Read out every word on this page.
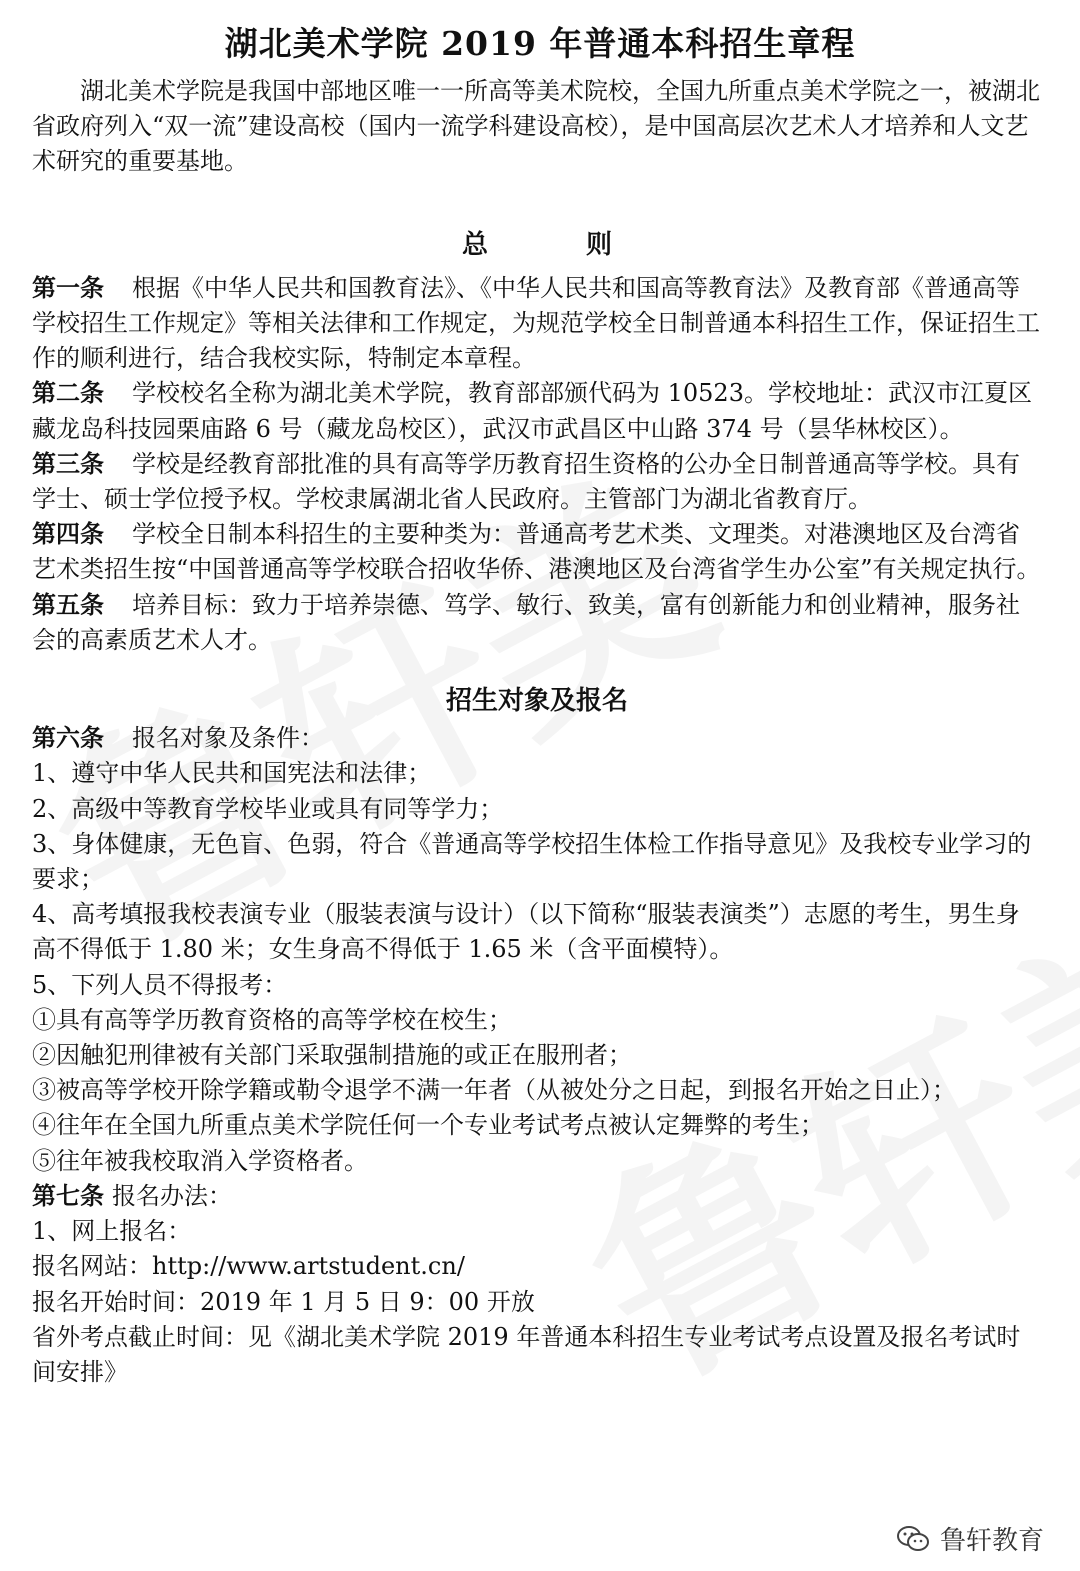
湖北美术学院 2019 年普通本科招生章程

湖北美术学院是我国中部地区唯一一所高等美术院校，全国九所重点美术学院之一，被湖北省政府列入“双一流”建设高校（国内一流学科建设高校），是中国高层次艺术人才培养和人文艺术研究的重要基地。

总　则

第一条 根据《中华人民共和国教育法》、《中华人民共和国高等教育法》及教育部《普通高等学校招生工作规定》等相关法律和工作规定，为规范学校全日制普通本科招生工作，保证招生工作的顺利进行，结合我校实际，特制定本章程。

第二条 学校校名全称为湖北美术学院，教育部部颁代码为 10523。学校地址：武汉市江夏区藏龙岛科技园栗庙路 6 号（藏龙岛校区），武汉市武昌区中山路 374 号（昙华林校区）。

第三条 学校是经教育部批准的具有高等学历教育招生资格的公办全日制普通高等学校。具有学士、硕士学位授予权。学校隶属湖北省人民政府。主管部门为湖北省教育厅。

第四条 学校全日制本科招生的主要种类为：普通高考艺术类、文理类。对港澳地区及台湾省艺术类招生按“中国普通高等学校联合招收华侨、港澳地区及台湾省学生办公室”有关规定执行。

第五条 培养目标：致力于培养崇德、笃学、敏行、致美，富有创新能力和创业精神，服务社会的高素质艺术人才。

招生对象及报名

第六条 报名对象及条件：

1、遵守中华人民共和国宪法和法律；

2、高级中等教育学校毕业或具有同等学力；

3、身体健康，无色盲、色弱，符合《普通高等学校招生体检工作指导意见》及我校专业学习的要求；

4、高考填报我校表演专业（服装表演与设计）（以下简称“服装表演类”）志愿的考生，男生身高不得低于 1.80 米；女生身高不得低于 1.65 米（含平面模特）。

5、下列人员不得报考：

①具有高等学历教育资格的高等学校在校生；

②因触犯刑律被有关部门采取强制措施的或正在服刑者；

③被高等学校开除学籍或勒令退学不满一年者（从被处分之日起，到报名开始之日止）；

④往年在全国九所重点美术学院任何一个专业考试考点被认定舞弊的考生；

⑤往年被我校取消入学资格者。

第七条 报名办法：

1、网上报名：

报名网站：http://www.artstudent.cn/

报名开始时间：2019 年 1 月 5 日 9：00 开放

省外考点截止时间：见《湖北美术学院 2019 年普通本科招生专业考试考点设置及报名考试时间安排》

鲁轩教育
